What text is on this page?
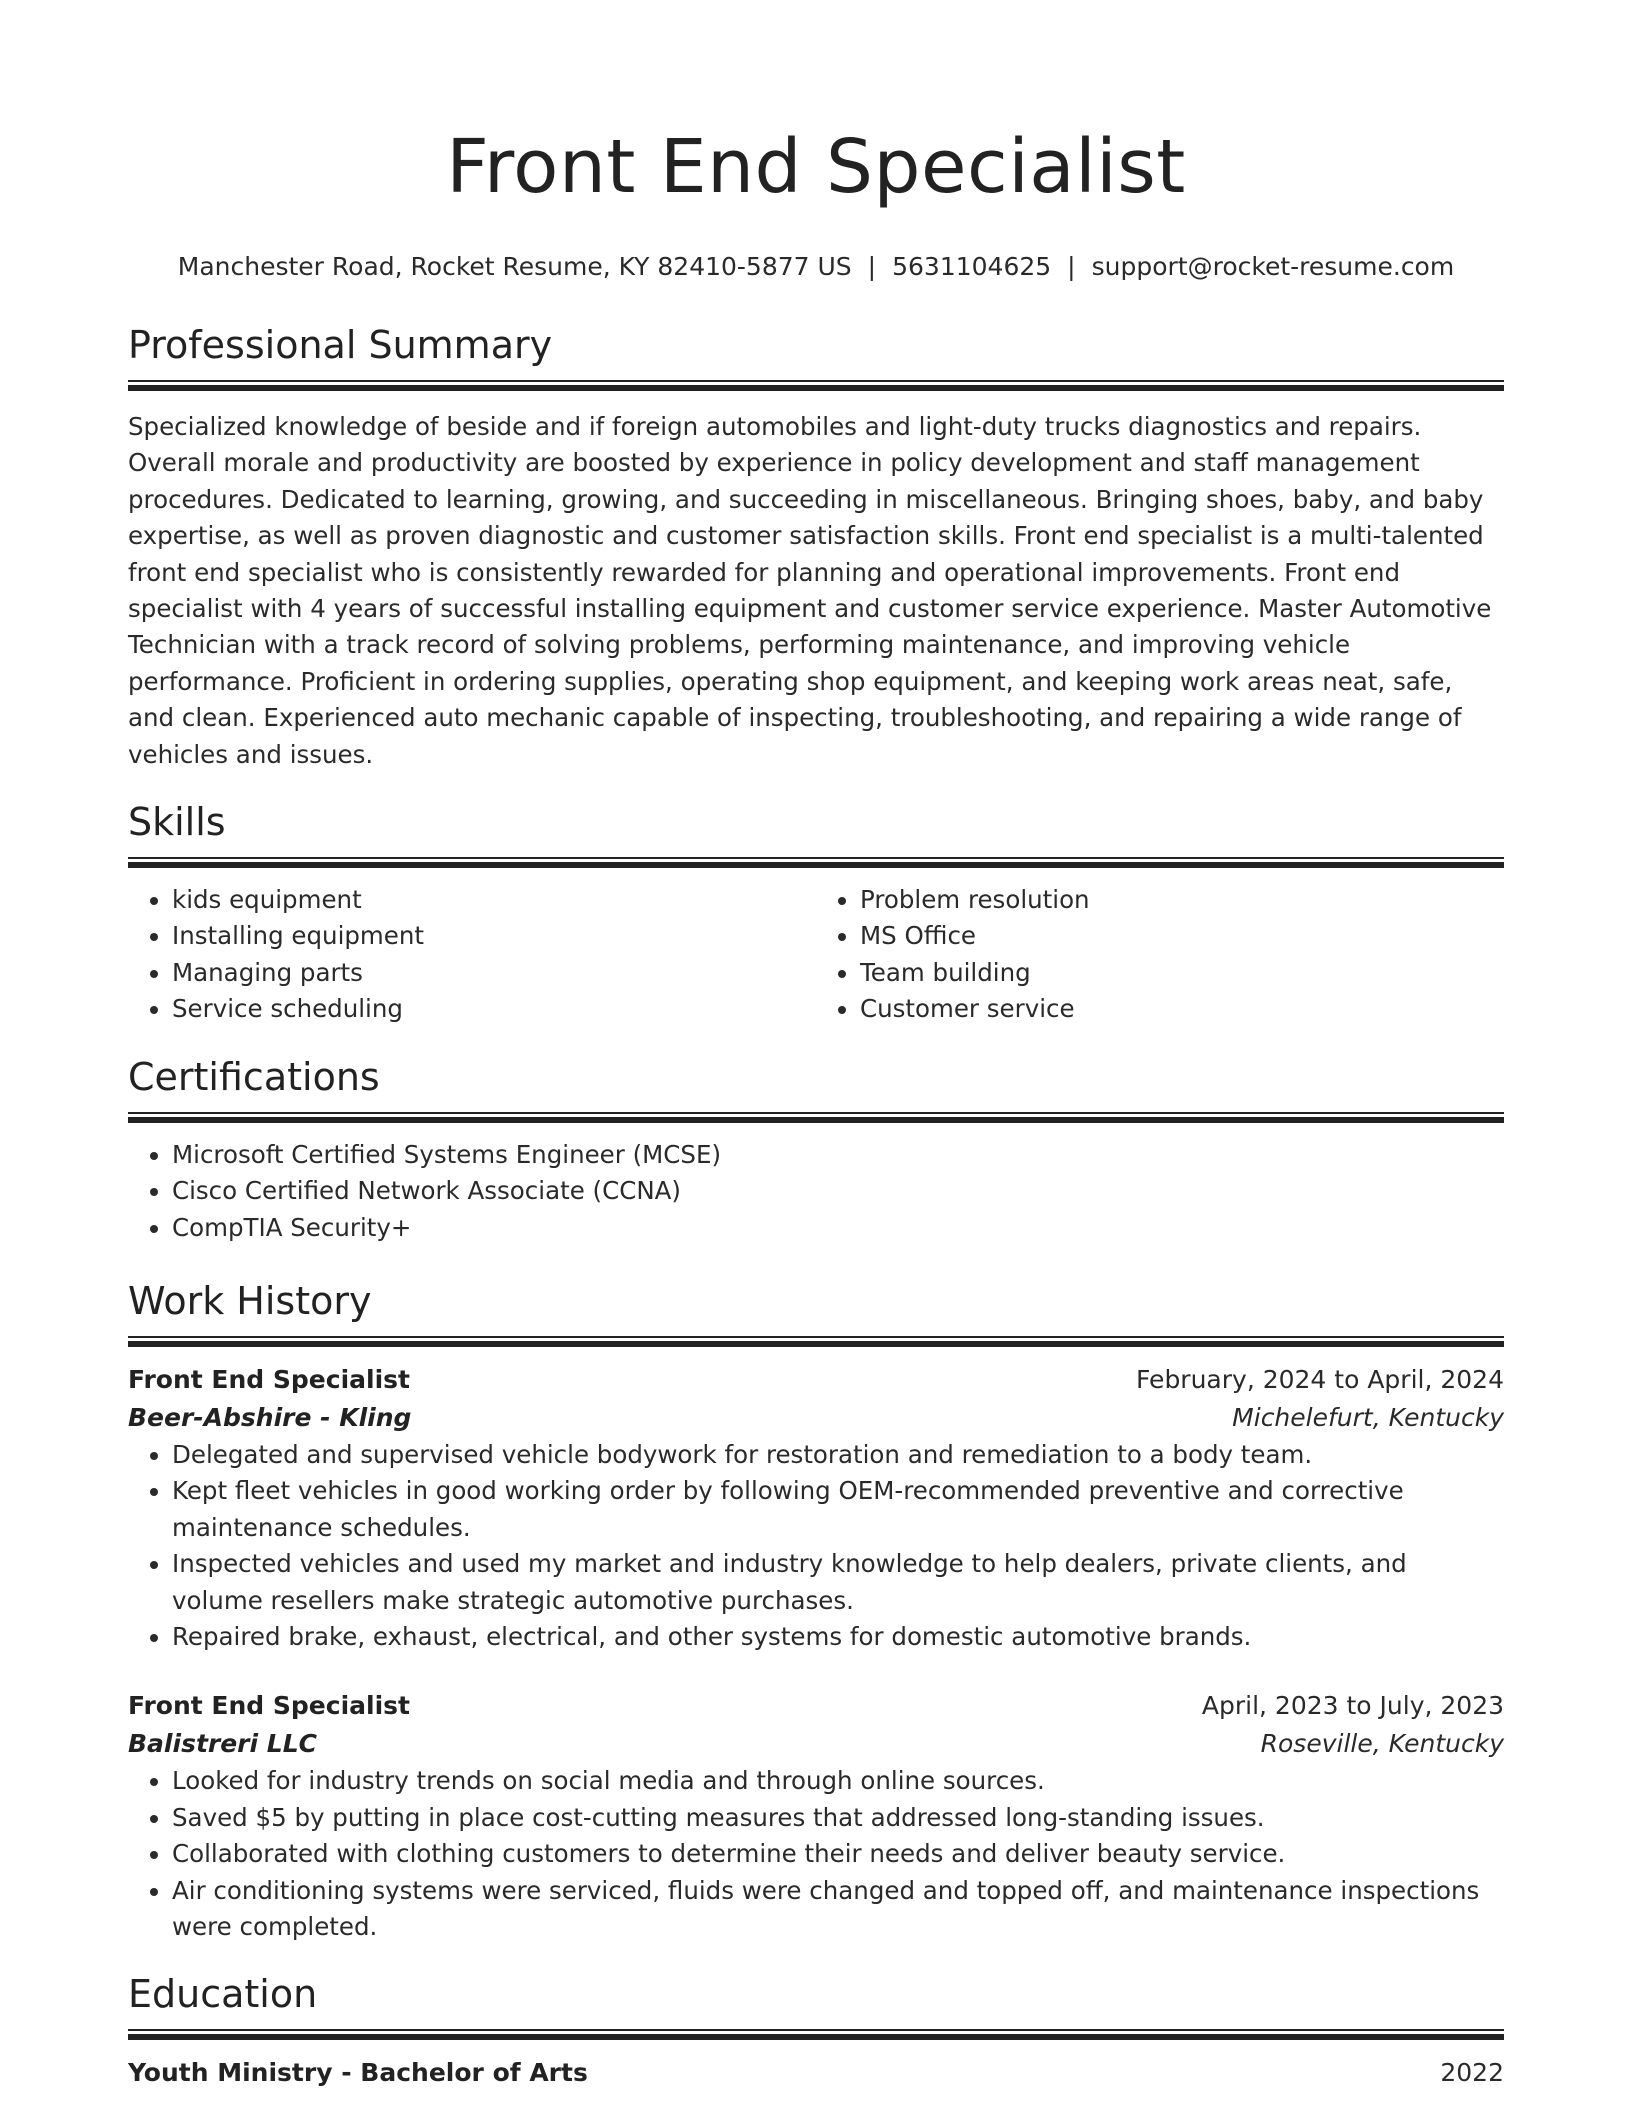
Front End Specialist
Manchester Road, Rocket Resume, KY 82410-5877 US | 5631104625 | support@rocket-resume.com
Professional Summary

Specialized knowledge of beside and if foreign automobiles and light-duty trucks diagnostics and repairs. Overall morale and productivity are boosted by experience in policy development and staff management procedures. Dedicated to learning, growing, and succeeding in miscellaneous. Bringing shoes, baby, and baby expertise, as well as proven diagnostic and customer satisfaction skills. Front end specialist is a multi-talented front end specialist who is consistently rewarded for planning and operational improvements. Front end specialist with 4 years of successful installing equipment and customer service experience. Master Automotive Technician with a track record of solving problems, performing maintenance, and improving vehicle performance. Proficient in ordering supplies, operating shop equipment, and keeping work areas neat, safe, and clean. Experienced auto mechanic capable of inspecting, troubleshooting, and repairing a wide range of vehicles and issues.

Skills
• kids equipment
• Installing equipment
• Managing parts
• Service scheduling
• Problem resolution
• MS Office
• Team building
• Customer service
Certifications
• Microsoft Certified Systems Engineer (MCSE)
• Cisco Certified Network Associate (CCNA)
• CompTIA Security+
Work History
Front End Specialist	February, 2024 to April, 2024
Beer-Abshire - Kling	Michelefurt, Kentucky
• Delegated and supervised vehicle bodywork for restoration and remediation to a body team.
• Kept fleet vehicles in good working order by following OEM-recommended preventive and corrective maintenance schedules.
• Inspected vehicles and used my market and industry knowledge to help dealers, private clients, and volume resellers make strategic automotive purchases.
• Repaired brake, exhaust, electrical, and other systems for domestic automotive brands.
Front End Specialist	April, 2023 to July, 2023
Balistreri LLC	Roseville, Kentucky
• Looked for industry trends on social media and through online sources.
• Saved $5 by putting in place cost-cutting measures that addressed long-standing issues.
• Collaborated with clothing customers to determine their needs and deliver beauty service.
• Air conditioning systems were serviced, fluids were changed and topped off, and maintenance inspections were completed.
Education
Youth Ministry - Bachelor of Arts	2022
